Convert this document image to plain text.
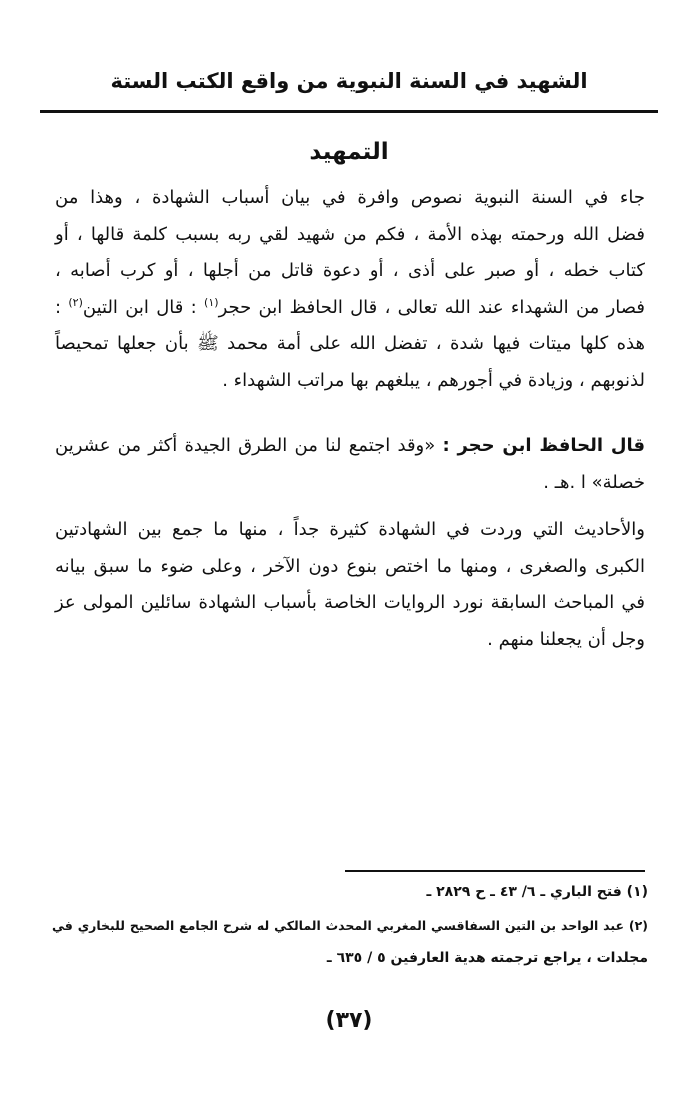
الشهيد في السنة النبوية من واقع الكتب الستة
التمهيد
جاء في السنة النبوية نصوص وافرة في بيان أسباب الشهادة ، وهذا من
فضل الله ورحمته بهذه الأمة ، فكم من شهيد لقي ربه بسبب كلمة قالها ، أو
كتاب خطه ، أو صبر على أذى ، أو دعوة قاتل من أجلها ، أو كرب أصابه ،
فصار من الشهداء عند الله تعالى ، قال الحافظ ابن حجر$^{(١)}$ : قال ابن التين$^{(٢)}$ :
هذه كلها ميتات فيها شدة ، تفضل الله على أمة محمد ﷺ بأن جعلها تمحيصاً
لذنوبهم ، وزيادة في أجورهم ، يبلغهم بها مراتب الشهداء .
قال الحافظ ابن حجر : «وقد اجتمع لنا من الطرق الجيدة أكثر من عشرين
خصلة» ا .هـ .
والأحاديث التي وردت في الشهادة كثيرة جداً ، منها ما جمع بين الشهادتين
الكبرى والصغرى ، ومنها ما اختص بنوع دون الآخر ، وعلى ضوء ما سبق بيانه
في المباحث السابقة نورد الروايات الخاصة بأسباب الشهادة سائلين المولى عز
وجل أن يجعلنا منهم .
(١) فتح الباري ـ ٦/ ٤٣ ـ ح ٢٨٢٩ ـ
(٢) عبد الواحد بن التين السفاقسي المغربي المحدث المالكي له شرح الجامع الصحيح للبخاري في
مجلدات ، يراجع ترجمته هدية العارفين ٥ / ٦٣٥ ـ
(٣٧)
